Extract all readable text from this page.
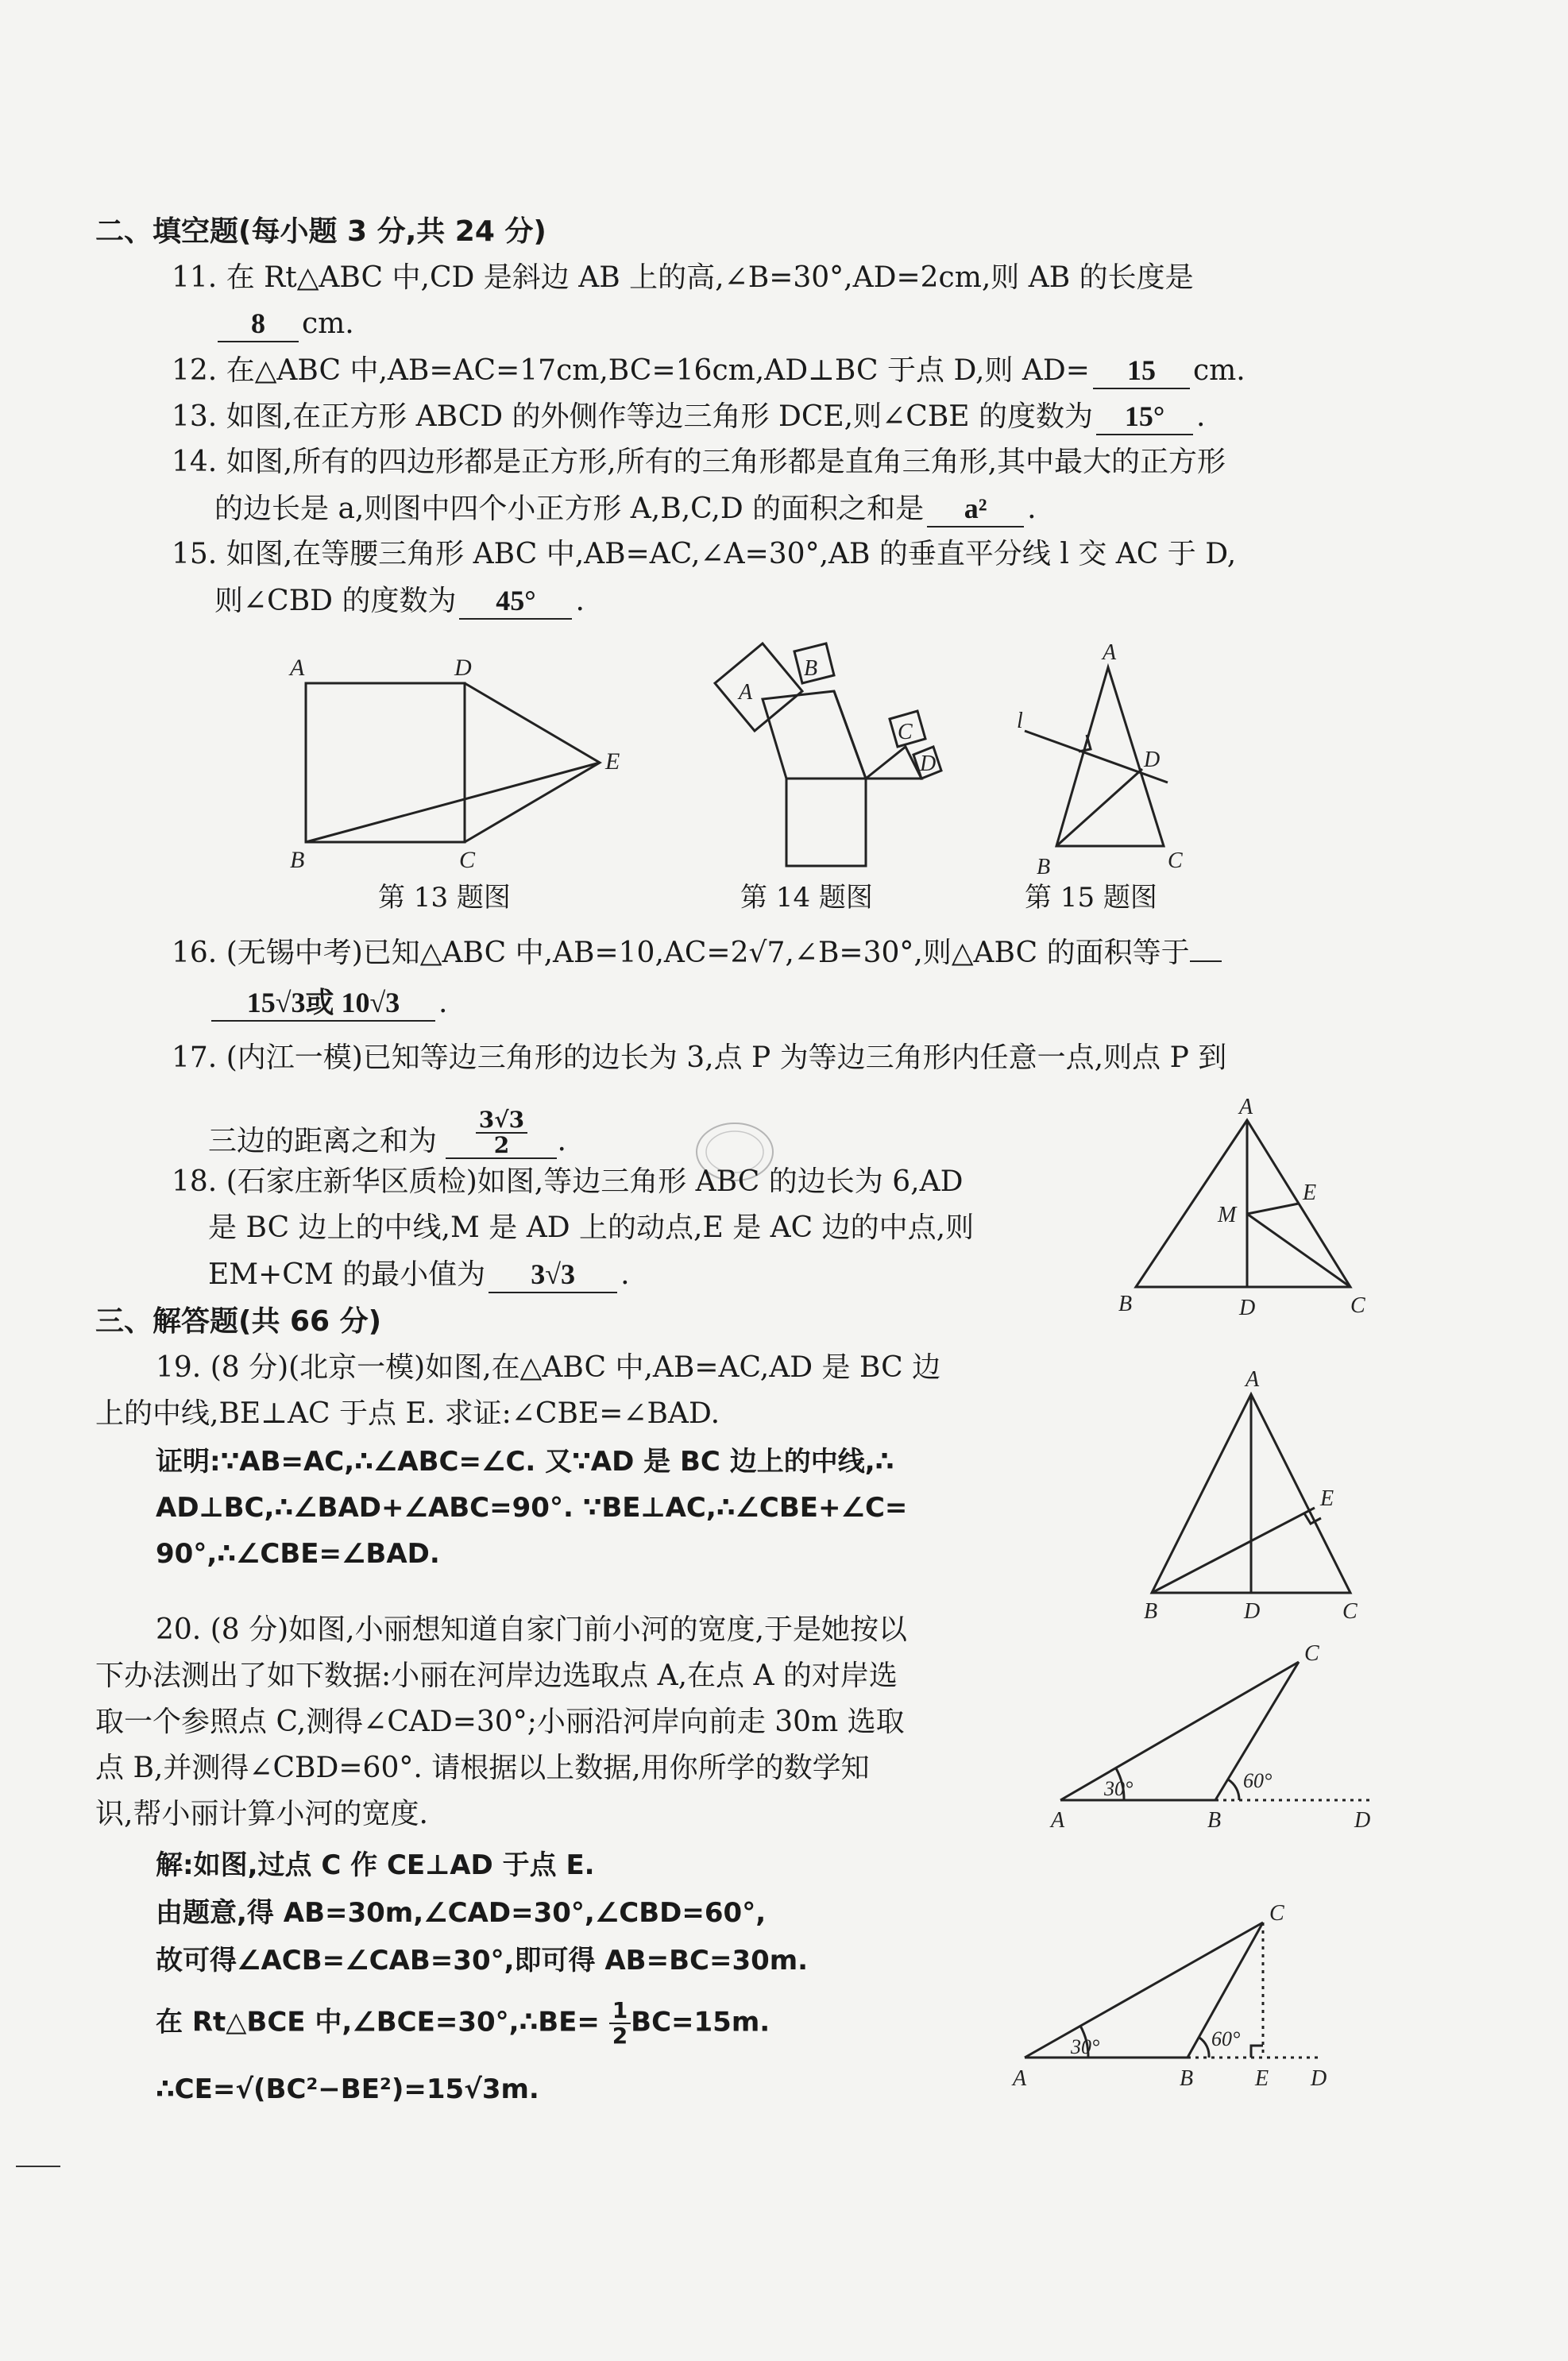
二、填空题(每小题 3 分,共 24 分)
11. 在 Rt△ABC 中,CD 是斜边 AB 上的高,∠B=30°,AD=2cm,则 AB 的长度是
8 cm.
12. 在△ABC 中,AB=AC=17cm,BC=16cm,AD⊥BC 于点 D,则 AD= 15 cm.
13. 如图,在正方形 ABCD 的外侧作等边三角形 DCE,则∠CBE 的度数为 15° .
14. 如图,所有的四边形都是正方形,所有的三角形都是直角三角形,其中最大的正方形
的边长是 a,则图中四个小正方形 A,B,C,D 的面积之和是 a² .
15. 如图,在等腰三角形 ABC 中,AB=AC,∠A=30°,AB 的垂直平分线 l 交 AC 于 D,
则∠CBD 的度数为 45° .
A	D
E
B	C
第 13 题图
A
B
C
D
第 14 题图
A
l
D
B	C
第 15 题图
16. (无锡中考)已知△ABC 中,AB=10,AC=2√7,∠B=30°,则△ABC 的面积等于
15√3或 10√3 .
17. (内江一模)已知等边三角形的边长为 3,点 P 为等边三角形内任意一点,则点 P 到
三边的距离之和为 $\frac{3√3}{2}$ .
18. (石家庄新华区质检)如图,等边三角形 ABC 的边长为 6,AD
是 BC 边上的中线,M 是 AD 上的动点,E 是 AC 边的中点,则
EM+CM 的最小值为 3√3 .
A
M
E
B	D	C
三、解答题(共 66 分)
19. (8 分)(北京一模)如图,在△ABC 中,AB=AC,AD 是 BC 边
上的中线,BE⊥AC 于点 E. 求证:∠CBE=∠BAD.
证明:∵AB=AC,∴∠ABC=∠C. 又∵AD 是 BC 边上的中线,∴
AD⊥BC,∴∠BAD+∠ABC=90°. ∵BE⊥AC,∴∠CBE+∠C=
90°,∴∠CBE=∠BAD.
A
E
B	D	C
20. (8 分)如图,小丽想知道自家门前小河的宽度,于是她按以
下办法测出了如下数据:小丽在河岸边选取点 A,在点 A 的对岸选
取一个参照点 C,测得∠CAD=30°;小丽沿河岸向前走 30m 选取
点 B,并测得∠CBD=60°. 请根据以上数据,用你所学的数学知
识,帮小丽计算小河的宽度.
解:如图,过点 C 作 CE⊥AD 于点 E.
由题意,得 AB=30m,∠CAD=30°,∠CBD=60°,
故可得∠ACB=∠CAB=30°,即可得 AB=BC=30m.
在 Rt△BCE 中,∠BCE=30°,∴BE= $\frac{1}{2} BC=15m$.
∴CE=√(BC²−BE²)=15√3m.
C
A	B	D
30°	60°
C
A	B	E D
30°	60°
